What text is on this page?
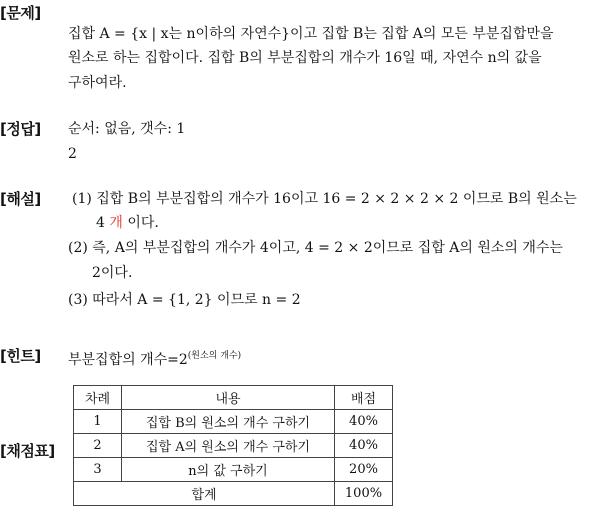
[문제]
집합 A = {x | x는 n이하의 자연수}이고 집합 B는 집합 A의 모든 부분집합만을
원소로 하는 집합이다. 집합 B의 부분집합의 개수가 16일 때, 자연수 n의 값을
구하여라.
[정답] 순서: 없음, 갯수: 1
2
[해설] (1) 집합 B의 부분집합의 개수가 16이고 16 = 2 × 2 × 2 × 2 이므로 B의 원소는
4 개 이다.
(2) 즉, A의 부분집합의 개수가 4이고, 4 = 2 × 2이므로 집합 A의 원소의 개수는
2이다.
(3) 따라서 A = {1, 2} 이므로 n = 2
[힌트] 부분집합의 개수$=2^{(원소의 개수)}$
[채점표]
차례	내용	배점
1	집합 B의 원소의 개수 구하기	40%
2	집합 A의 원소의 개수 구하기	40%
3	n의 값 구하기	20%
합계		100%
